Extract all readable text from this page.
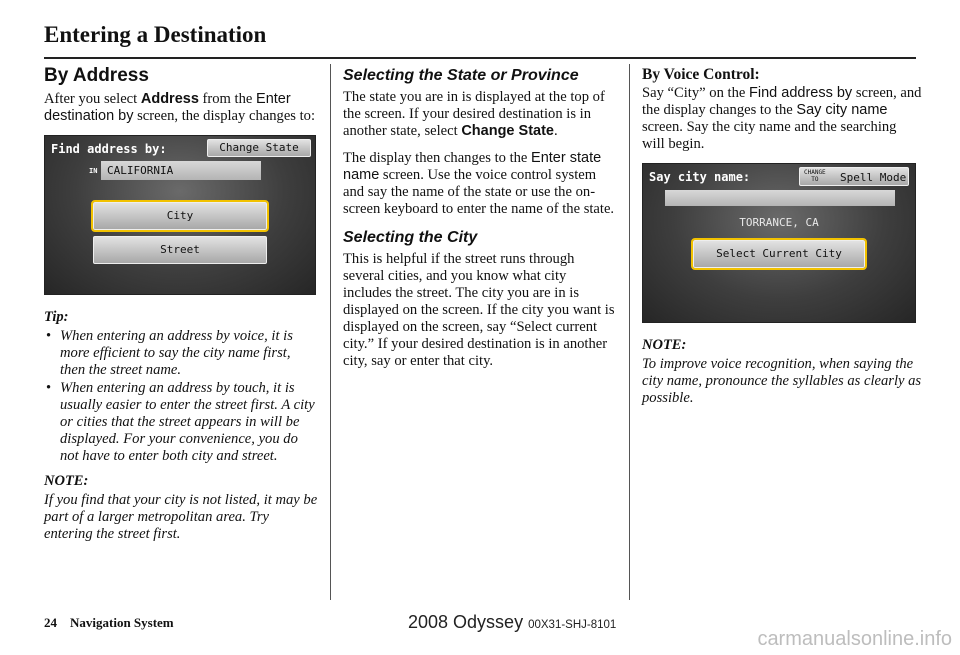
Entering a Destination
By Address

After you select Address from the Enter destination by screen, the display changes to:

Find address by:	Change State
IN CALIFORNIA
City
Street
Tip:
• When entering an address by voice, it is more efficient to say the city name first, then the street name.
• When entering an address by touch, it is usually easier to enter the street first. A city or cities that the street appears in will be displayed. For your convenience, you do not have to enter both city and street.
NOTE:

If you find that your city is not listed, it may be part of a larger metropolitan area. Try entering the street first.

Selecting the State or Province

The state you are in is displayed at the top of the screen. If your desired destination is in another state, select Change State.

The display then changes to the Enter state name screen. Use the voice control system and say the name of the state or use the on-screen keyboard to enter the name of the state.

Selecting the City

This is helpful if the street runs through several cities, and you know what city includes the street. The city you are in is displayed on the screen. If the city you want is displayed on the screen, say “Select current city.” If your desired destination is in another city, say or enter that city.

By Voice Control:

Say “City” on the Find address by screen, and the display changes to the Say city name screen. Say the city name and the searching will begin.

Say city name:	CHANGE
TO	Spell Mode
TORRANCE, CA
Select Current City
NOTE:

To improve voice recognition, when saying the city name, pronounce the syllables as clearly as possible.

24 Navigation System	2008 Odyssey 00X31-SHJ-8101
carmanualsonline.info
